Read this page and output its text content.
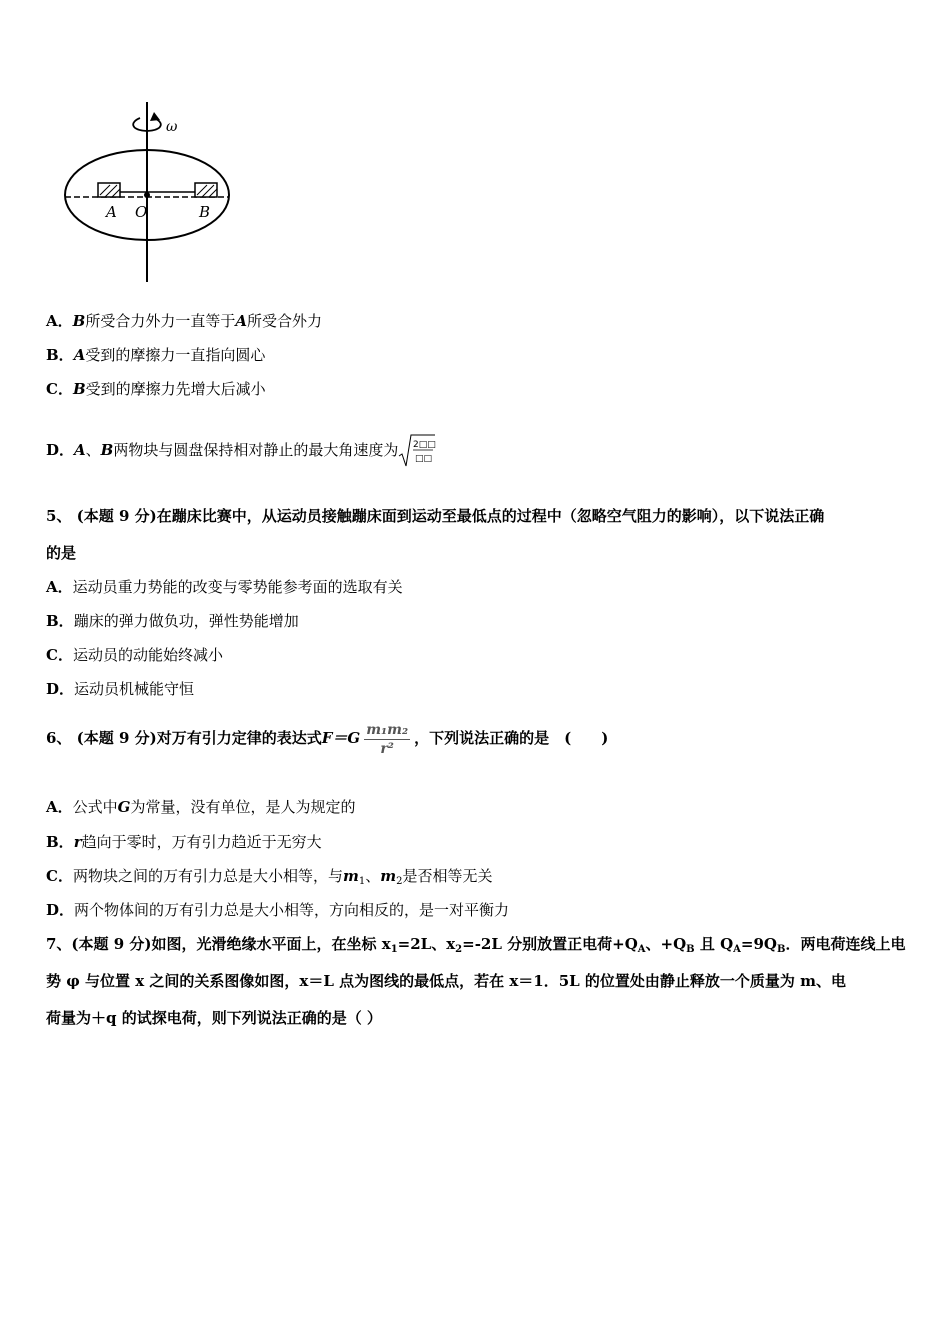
ω
A O	B
A．B所受合力外力一直等于A所受合外力
B．A受到的摩擦力一直指向圆心
C．B受到的摩擦力先增大后减小
D．A、B两物块与圆盘保持相对静止的最大角速度为 2□□
□□
5、 (本题 9 分)在蹦床比赛中，从运动员接触蹦床面到运动至最低点的过程中（忽略空气阻力的影响），以下说法正确
的是
A．运动员重力势能的改变与零势能参考面的选取有关
B．蹦床的弹力做负功，弹性势能增加
C．运动员的动能始终减小
D．运动员机械能守恒
6、 (本题 9 分)对万有引力定律的表达式$F=G \frac{\text{m₁m₂}}{\text{r²}}$ ，下列说法正确的是　(　　)
A．公式中G为常量，没有单位，是人为规定的
B．r趋向于零时，万有引力趋近于无穷大
C．两物块之间的万有引力总是大小相等，与$m_1$、$m_2$是否相等无关
D．两个物体间的万有引力总是大小相等，方向相反的，是一对平衡力
7、(本题 9 分)如图，光滑绝缘水平面上，在坐标 $x_1=2L$、$x_2=-2L$ 分别放置正电荷$+Q_A$、$+Q_B$ 且 $Q_A=9Q_B$．两电荷连线上电
势 φ 与位置 x 之间的关系图像如图，x＝L 点为图线的最低点，若在 x＝1．5L 的位置处由静止释放一个质量为 m、电
荷量为＋q 的试探电荷，则下列说法正确的是（ ）
